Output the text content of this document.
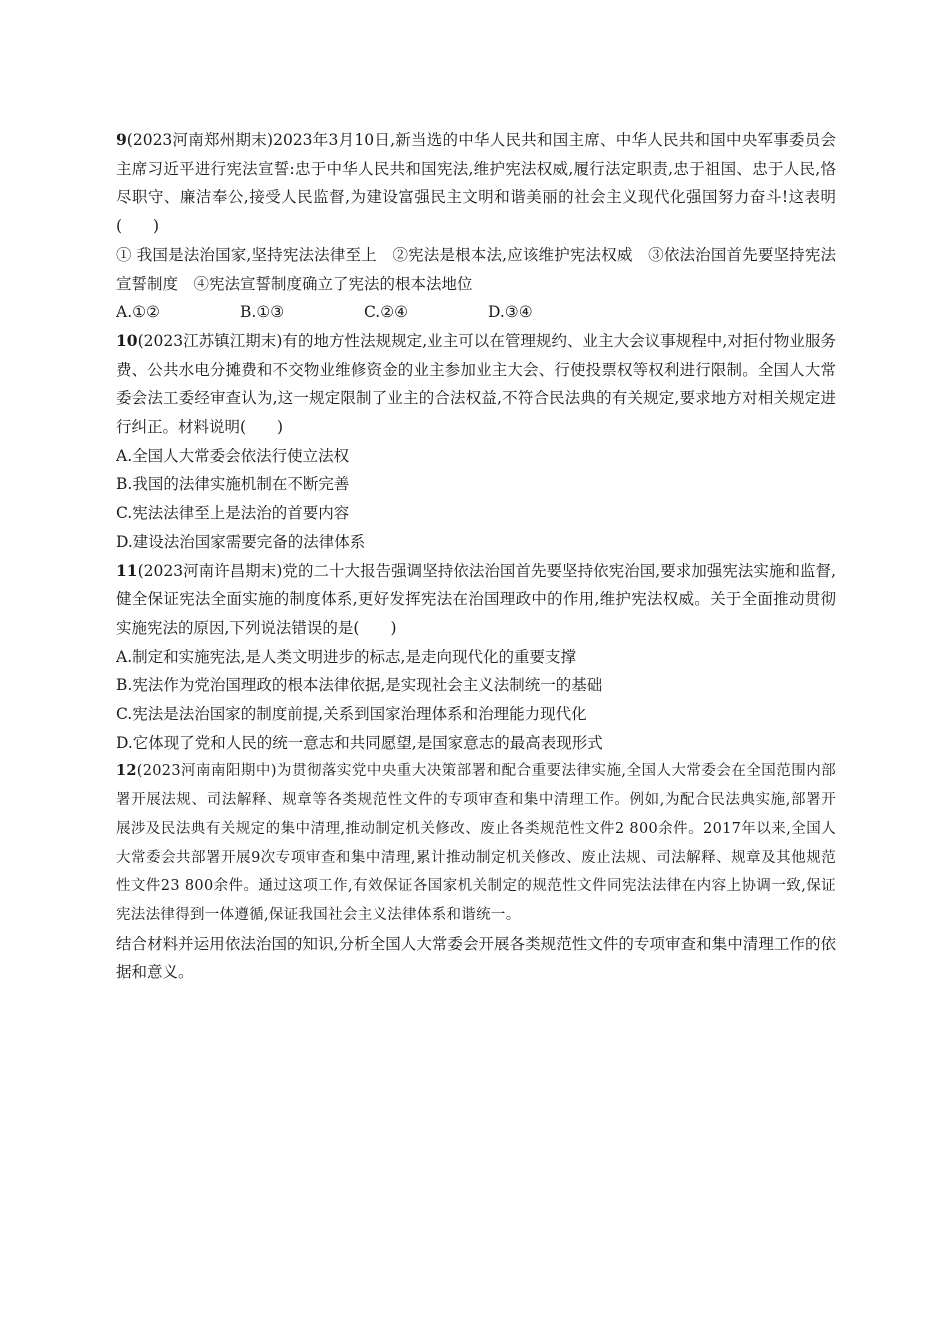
9(2023河南郑州期末)2023年3月10日,新当选的中华人民共和国主席、中华人民共和国中央军事委员会主席习近平进行宪法宣誓:忠于中华人民共和国宪法,维护宪法权威,履行法定职责,忠于祖国、忠于人民,恪尽职守、廉洁奉公,接受人民监督,为建设富强民主文明和谐美丽的社会主义现代化强国努力奋斗!这表明(　　)

① 我国是法治国家,坚持宪法法律至上　②宪法是根本法,应该维护宪法权威　③依法治国首先要坚持宪法宣誓制度　④宪法宣誓制度确立了宪法的根本法地位

A.①②	B.①③	C.②④	D.③④

10(2023江苏镇江期末)有的地方性法规规定,业主可以在管理规约、业主大会议事规程中,对拒付物业服务费、公共水电分摊费和不交物业维修资金的业主参加业主大会、行使投票权等权利进行限制。全国人大常委会法工委经审查认为,这一规定限制了业主的合法权益,不符合民法典的有关规定,要求地方对相关规定进行纠正。材料说明(　　)

A.全国人大常委会依法行使立法权

B.我国的法律实施机制在不断完善

C.宪法法律至上是法治的首要内容

D.建设法治国家需要完备的法律体系

11(2023河南许昌期末)党的二十大报告强调坚持依法治国首先要坚持依宪治国,要求加强宪法实施和监督,健全保证宪法全面实施的制度体系,更好发挥宪法在治国理政中的作用,维护宪法权威。关于全面推动贯彻实施宪法的原因,下列说法错误的是(　　)

A.制定和实施宪法,是人类文明进步的标志,是走向现代化的重要支撑

B.宪法作为党治国理政的根本法律依据,是实现社会主义法制统一的基础

C.宪法是法治国家的制度前提,关系到国家治理体系和治理能力现代化

D.它体现了党和人民的统一意志和共同愿望,是国家意志的最高表现形式

12(2023河南南阳期中)为贯彻落实党中央重大决策部署和配合重要法律实施,全国人大常委会在全国范围内部署开展法规、司法解释、规章等各类规范性文件的专项审查和集中清理工作。例如,为配合民法典实施,部署开展涉及民法典有关规定的集中清理,推动制定机关修改、废止各类规范性文件2 800余件。2017年以来,全国人大常委会共部署开展9次专项审查和集中清理,累计推动制定机关修改、废止法规、司法解释、规章及其他规范性文件23 800余件。通过这项工作,有效保证各国家机关制定的规范性文件同宪法法律在内容上协调一致,保证宪法法律得到一体遵循,保证我国社会主义法律体系和谐统一。

结合材料并运用依法治国的知识,分析全国人大常委会开展各类规范性文件的专项审查和集中清理工作的依据和意义。
